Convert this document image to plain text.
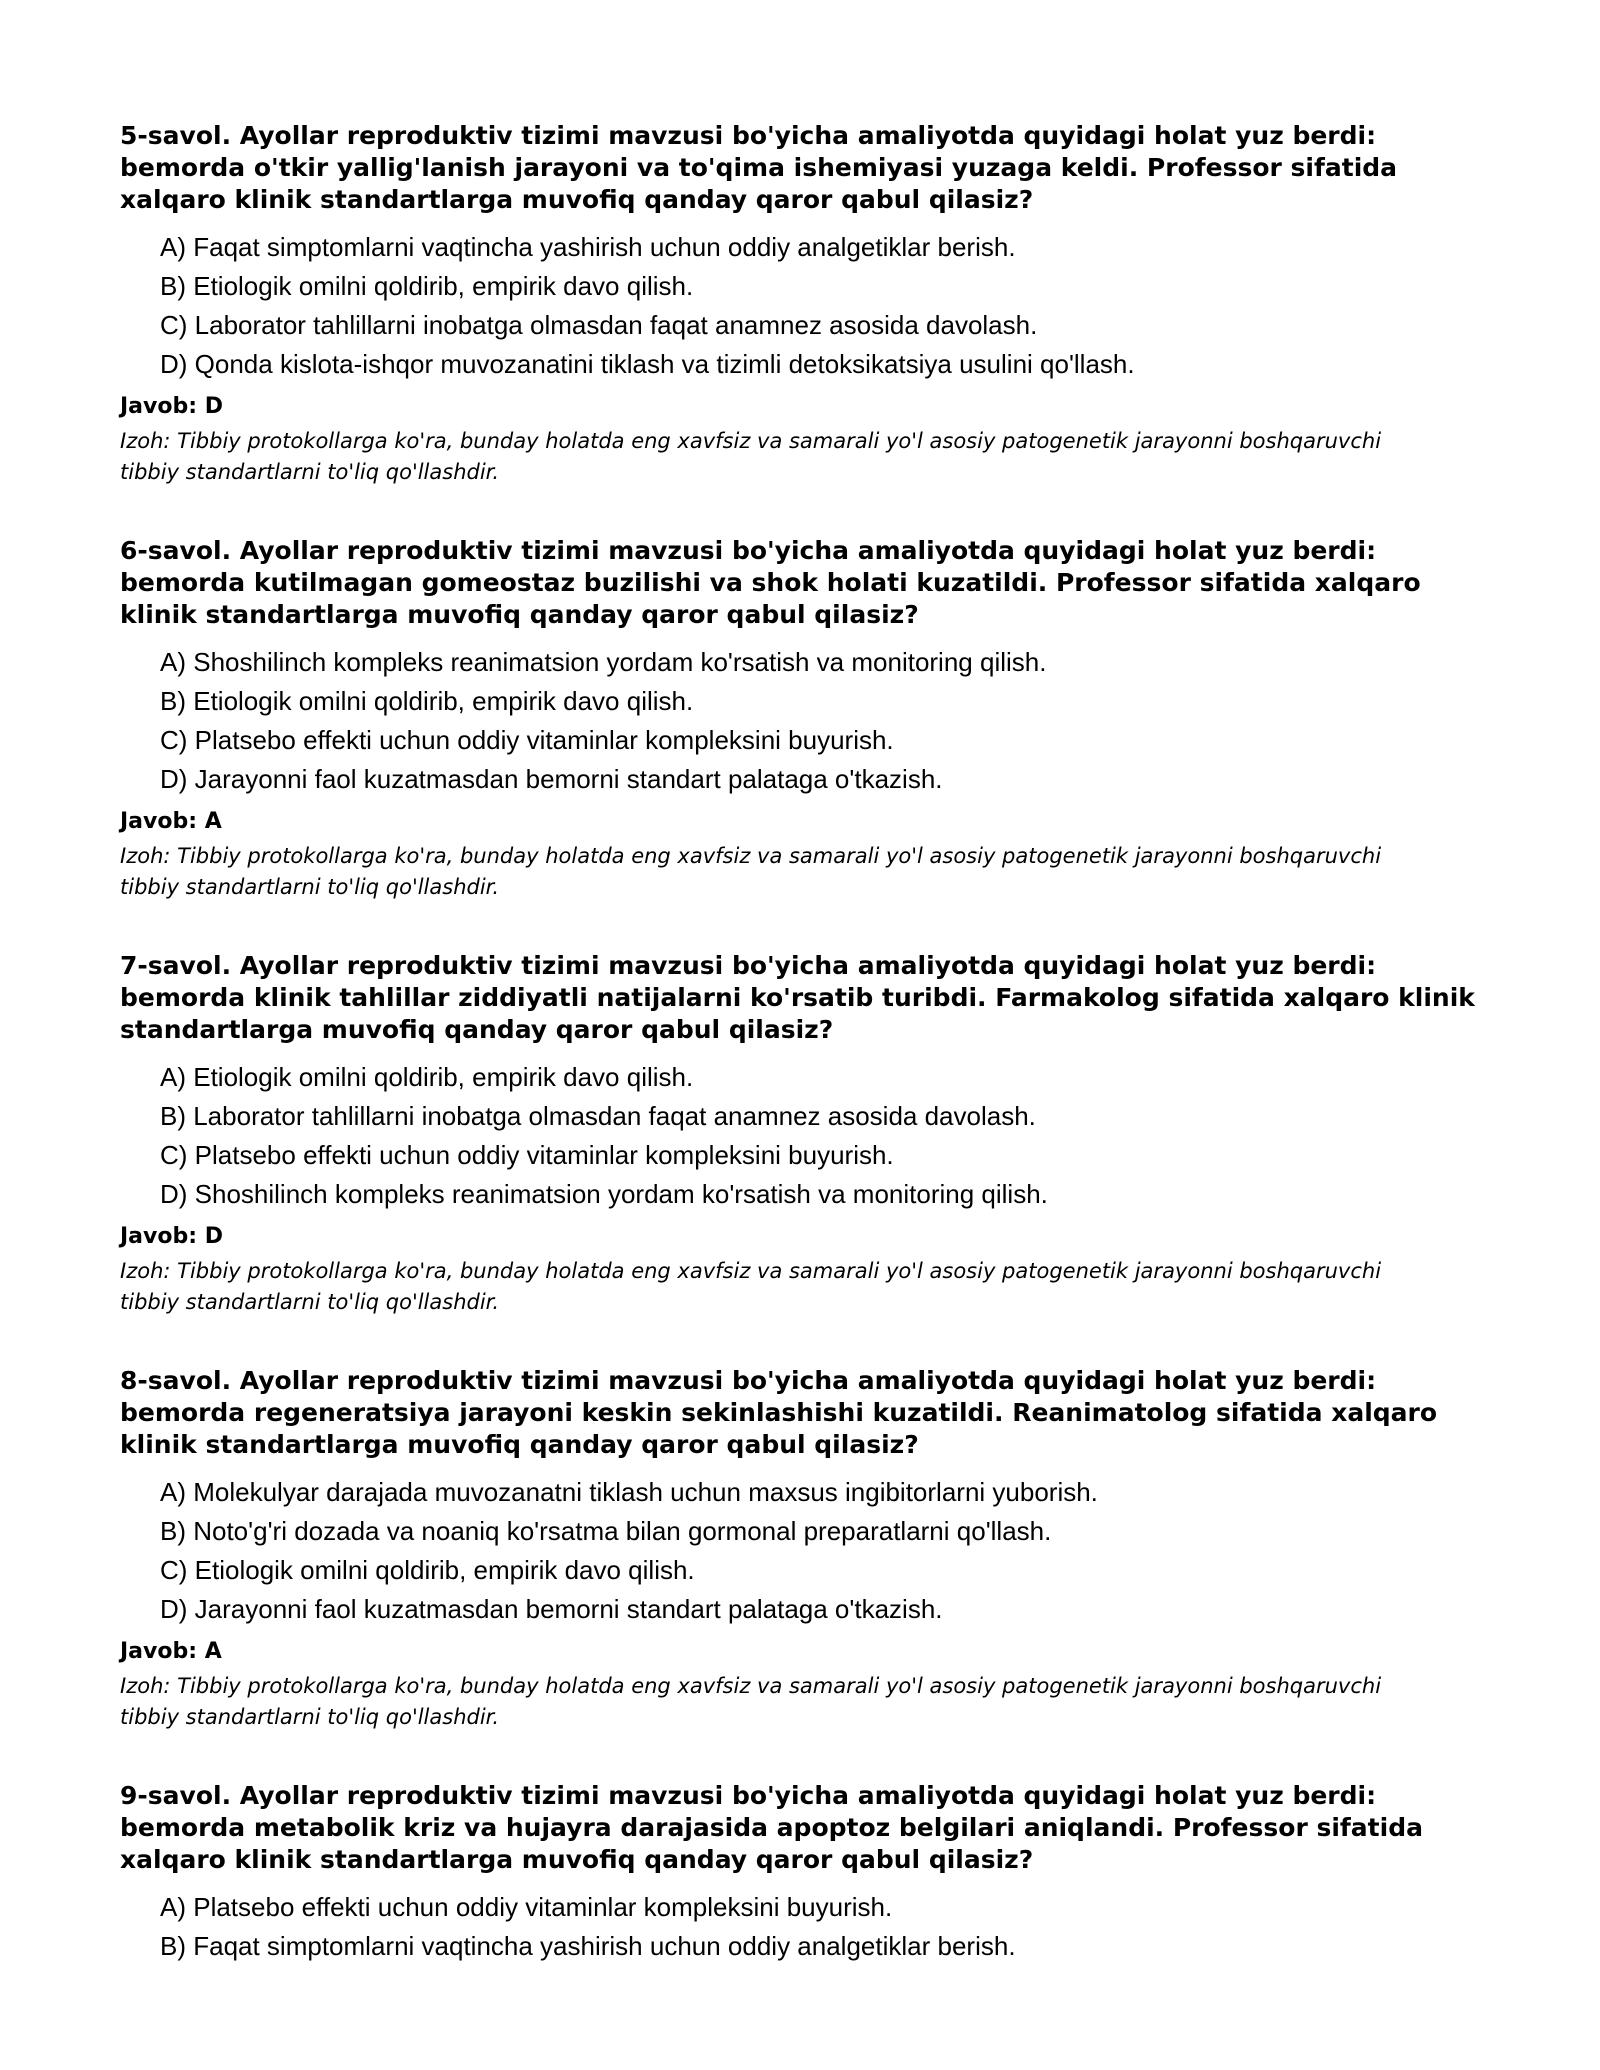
5-savol. Ayollar reproduktiv tizimi mavzusi bo'yicha amaliyotda quyidagi holat yuz berdi: bemorda o'tkir yallig'lanish jarayoni va to'qima ishemiyasi yuzaga keldi. Professor sifatida xalqaro klinik standartlarga muvofiq qanday qaror qabul qilasiz?

A) Faqat simptomlarni vaqtincha yashirish uchun oddiy analgetiklar berish.
B) Etiologik omilni qoldirib, empirik davo qilish.
C) Laborator tahlillarni inobatga olmasdan faqat anamnez asosida davolash.
D) Qonda kislota-ishqor muvozanatini tiklash va tizimli detoksikatsiya usulini qo'llash.

Javob: D

Izoh: Tibbiy protokollarga ko'ra, bunday holatda eng xavfsiz va samarali yo'l asosiy patogenetik jarayonni boshqaruvchi tibbiy standartlarni to'liq qo'llashdir.

6-savol. Ayollar reproduktiv tizimi mavzusi bo'yicha amaliyotda quyidagi holat yuz berdi: bemorda kutilmagan gomeostaz buzilishi va shok holati kuzatildi. Professor sifatida xalqaro klinik standartlarga muvofiq qanday qaror qabul qilasiz?

A) Shoshilinch kompleks reanimatsion yordam ko'rsatish va monitoring qilish.
B) Etiologik omilni qoldirib, empirik davo qilish.
C) Platsebo effekti uchun oddiy vitaminlar kompleksini buyurish.
D) Jarayonni faol kuzatmasdan bemorni standart palataga o'tkazish.

Javob: A

Izoh: Tibbiy protokollarga ko'ra, bunday holatda eng xavfsiz va samarali yo'l asosiy patogenetik jarayonni boshqaruvchi tibbiy standartlarni to'liq qo'llashdir.

7-savol. Ayollar reproduktiv tizimi mavzusi bo'yicha amaliyotda quyidagi holat yuz berdi: bemorda klinik tahlillar ziddiyatli natijalarni ko'rsatib turibdi. Farmakolog sifatida xalqaro klinik standartlarga muvofiq qanday qaror qabul qilasiz?

A) Etiologik omilni qoldirib, empirik davo qilish.
B) Laborator tahlillarni inobatga olmasdan faqat anamnez asosida davolash.
C) Platsebo effekti uchun oddiy vitaminlar kompleksini buyurish.
D) Shoshilinch kompleks reanimatsion yordam ko'rsatish va monitoring qilish.

Javob: D

Izoh: Tibbiy protokollarga ko'ra, bunday holatda eng xavfsiz va samarali yo'l asosiy patogenetik jarayonni boshqaruvchi tibbiy standartlarni to'liq qo'llashdir.

8-savol. Ayollar reproduktiv tizimi mavzusi bo'yicha amaliyotda quyidagi holat yuz berdi: bemorda regeneratsiya jarayoni keskin sekinlashishi kuzatildi. Reanimatolog sifatida xalqaro klinik standartlarga muvofiq qanday qaror qabul qilasiz?

A) Molekulyar darajada muvozanatni tiklash uchun maxsus ingibitorlarni yuborish.
B) Noto'g'ri dozada va noaniq ko'rsatma bilan gormonal preparatlarni qo'llash.
C) Etiologik omilni qoldirib, empirik davo qilish.
D) Jarayonni faol kuzatmasdan bemorni standart palataga o'tkazish.

Javob: A

Izoh: Tibbiy protokollarga ko'ra, bunday holatda eng xavfsiz va samarali yo'l asosiy patogenetik jarayonni boshqaruvchi tibbiy standartlarni to'liq qo'llashdir.

9-savol. Ayollar reproduktiv tizimi mavzusi bo'yicha amaliyotda quyidagi holat yuz berdi: bemorda metabolik kriz va hujayra darajasida apoptoz belgilari aniqlandi. Professor sifatida xalqaro klinik standartlarga muvofiq qanday qaror qabul qilasiz?

A) Platsebo effekti uchun oddiy vitaminlar kompleksini buyurish.
B) Faqat simptomlarni vaqtincha yashirish uchun oddiy analgetiklar berish.
